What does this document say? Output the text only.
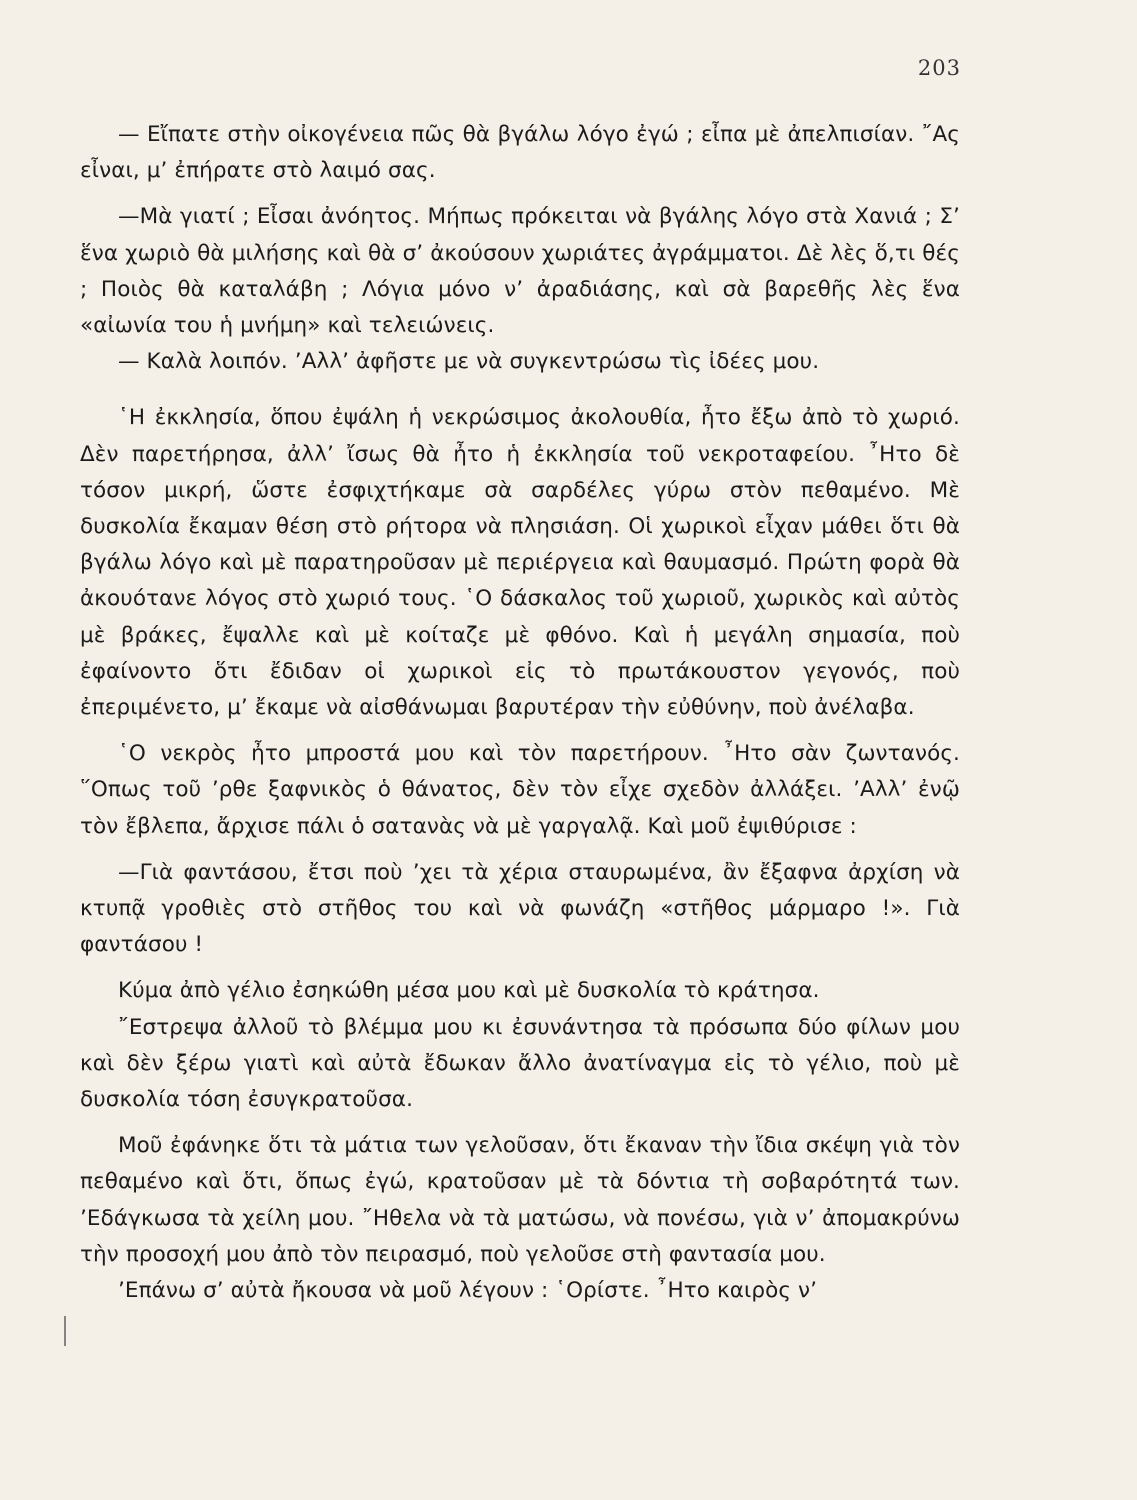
203

— Εἴπατε στὴν οἰκογένεια πῶς θὰ βγάλω λόγο ἐγώ ; εἶπα μὲ ἀπελπισίαν. ῎Ας εἶναι, μ’ ἐπήρατε στὸ λαιμό σας.

—Μὰ γιατί ; Εἶσαι ἀνόητος. Μήπως πρόκειται νὰ βγάλης λόγο στὰ Χανιά ; Σ’ ἕνα χωριὸ θὰ μιλήσης καὶ θὰ σ’ ἀκούσουν χωριάτες ἀγράμματοι. Δὲ λὲς ὅ,τι θές ; Ποιὸς θὰ καταλάβη ; Λόγια μόνο ν’ ἀραδιάσης, καὶ σὰ βαρεθῆς λὲς ἕνα «αἰωνία του ἡ μνήμη» καὶ τελειώνεις.

— Καλὰ λοιπόν. ’Αλλ’ ἀφῆστε με νὰ συγκεντρώσω τὶς ἰδέες μου.

῾Η ἐκκλησία, ὅπου ἐψάλη ἡ νεκρώσιμος ἀκολουθία, ἦτο ἔξω ἀπὸ τὸ χωριό. Δὲν παρετήρησα, ἀλλ’ ἴσως θὰ ἦτο ἡ ἐκκλησία τοῦ νεκροταφείου. ῏Ητο δὲ τόσον μικρή, ὥστε ἐσφιχτήκαμε σὰ σαρδέλες γύρω στὸν πεθαμένο. Μὲ δυσκολία ἔκαμαν θέση στὸ ρήτορα νὰ πλησιάση. Οἱ χωρικοὶ εἶχαν μάθει ὅτι θὰ βγάλω λόγο καὶ μὲ παρατηροῦσαν μὲ περιέργεια καὶ θαυμασμό. Πρώτη φορὰ θὰ ἀκουότανε λόγος στὸ χωριό τους. ῾Ο δάσκαλος τοῦ χωριοῦ, χωρικὸς καὶ αὐτὸς μὲ βράκες, ἔψαλλε καὶ μὲ κοίταζε μὲ φθόνο. Καὶ ἡ μεγάλη σημασία, ποὺ ἐφαίνοντο ὅτι ἔδιδαν οἱ χωρικοὶ εἰς τὸ πρωτάκουστον γεγονός, ποὺ ἐπεριμένετο, μ’ ἔκαμε νὰ αἰσθάνωμαι βαρυτέραν τὴν εὐθύνην, ποὺ ἀνέλαβα.

῾Ο νεκρὸς ἦτο μπροστά μου καὶ τὸν παρετήρουν. ῏Ητο σὰν ζωντανός. ῞Οπως τοῦ ’ρθε ξαφνικὸς ὁ θάνατος, δὲν τὸν εἶχε σχεδὸν ἀλλάξει. ’Αλλ’ ἐνῷ τὸν ἔβλεπα, ἄρχισε πάλι ὁ σατανὰς νὰ μὲ γαργαλᾷ. Καὶ μοῦ ἐψιθύρισε :

—Γιὰ φαντάσου, ἔτσι ποὺ ’χει τὰ χέρια σταυρωμένα, ἂν ἔξαφνα ἀρχίση νὰ κτυπᾷ γροθιὲς στὸ στῆθος του καὶ νὰ φωνάζη «στῆθος μάρμαρο !». Γιὰ φαντάσου !

Κύμα ἀπὸ γέλιο ἐσηκώθη μέσα μου καὶ μὲ δυσκολία τὸ κράτησα.

῎Εστρεψα ἀλλοῦ τὸ βλέμμα μου κι ἐσυνάντησα τὰ πρόσωπα δύο φίλων μου καὶ δὲν ξέρω γιατὶ καὶ αὐτὰ ἔδωκαν ἄλλο ἀνατίναγμα εἰς τὸ γέλιο, ποὺ μὲ δυσκολία τόση ἐσυγκρατοῦσα.

Μοῦ ἐφάνηκε ὅτι τὰ μάτια των γελοῦσαν, ὅτι ἔκαναν τὴν ἴδια σκέψη γιὰ τὸν πεθαμένο καὶ ὅτι, ὅπως ἐγώ, κρατοῦσαν μὲ τὰ δόντια τὴ σοβαρότητά των. ’Εδάγκωσα τὰ χείλη μου. ῎Ηθελα νὰ τὰ ματώσω, νὰ πονέσω, γιὰ ν’ ἀπομακρύνω τὴν προσοχή μου ἀπὸ τὸν πειρασμό, ποὺ γελοῦσε στὴ φαντασία μου.

’Επάνω σ’ αὐτὰ ἤκουσα νὰ μοῦ λέγουν : ῾Ορίστε. ῏Ητο καιρὸς ν’
